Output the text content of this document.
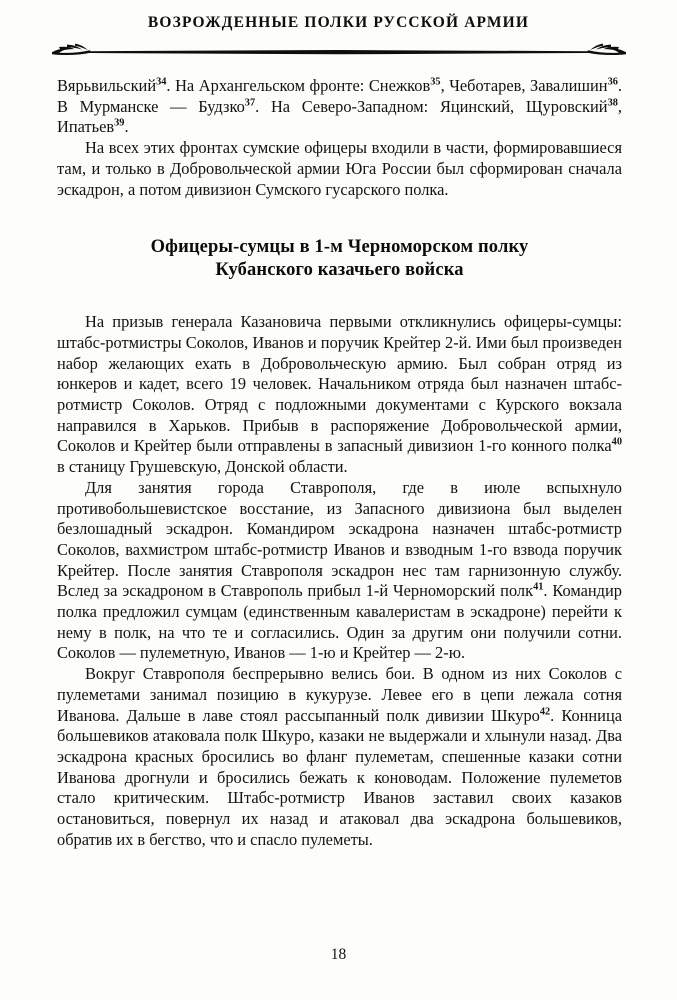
ВОЗРОЖДЕННЫЕ ПОЛКИ РУССКОЙ АРМИИ

Вярьвильский$^{34}$. На Архангельском фронте: Снежков$^{35}$, Чеботарев, Завалишин$^{36}$. В Мурманске — Будзко$^{37}$. На Северо-Западном: Яцинский, Щуровский$^{38}$, Ипатьев$^{39}$.

На всех этих фронтах сумские офицеры входили в части, формировавшиеся там, и только в Добровольческой армии Юга России был сформирован сначала эскадрон, а потом дивизион Сумского гусарского полка.

Офицеры-сумцы в 1-м Черноморском полку
Кубанского казачьего войска

На призыв генерала Казановича первыми откликнулись офицеры-сумцы: штабс-ротмистры Соколов, Иванов и поручик Крейтер 2-й. Ими был произведен набор желающих ехать в Добровольческую армию. Был собран отряд из юнкеров и кадет, всего 19 человек. Начальником отряда был назначен штабс-ротмистр Соколов. Отряд с подложными документами с Курского вокзала направился в Харьков. Прибыв в распоряжение Добровольческой армии, Соколов и Крейтер были отправлены в запасный дивизион 1-го конного полка$^{40}$ в станицу Грушевскую, Донской области.

Для занятия города Ставрополя, где в июле вспыхнуло противобольшевистское восстание, из Запасного дивизиона был выделен безлошадный эскадрон. Командиром эскадрона назначен штабс-ротмистр Соколов, вахмистром штабс-ротмистр Иванов и взводным 1-го взвода поручик Крейтер. После занятия Ставрополя эскадрон нес там гарнизонную службу. Вслед за эскадроном в Ставрополь прибыл 1-й Черноморский полк$^{41}$. Командир полка предложил сумцам (единственным кавалеристам в эскадроне) перейти к нему в полк, на что те и согласились. Один за другим они получили сотни. Соколов — пулеметную, Иванов — 1-ю и Крейтер — 2-ю.

Вокруг Ставрополя беспрерывно велись бои. В одном из них Соколов с пулеметами занимал позицию в кукурузе. Левее его в цепи лежала сотня Иванова. Дальше в лаве стоял рассыпанный полк дивизии Шкуро$^{42}$. Конница большевиков атаковала полк Шкуро, казаки не выдержали и хлынули назад. Два эскадрона красных бросились во фланг пулеметам, спешенные казаки сотни Иванова дрогнули и бросились бежать к коноводам. Положение пулеметов стало критическим. Штабс-ротмистр Иванов заставил своих казаков остановиться, повернул их назад и атаковал два эскадрона большевиков, обратив их в бегство, что и спасло пулеметы.

18
